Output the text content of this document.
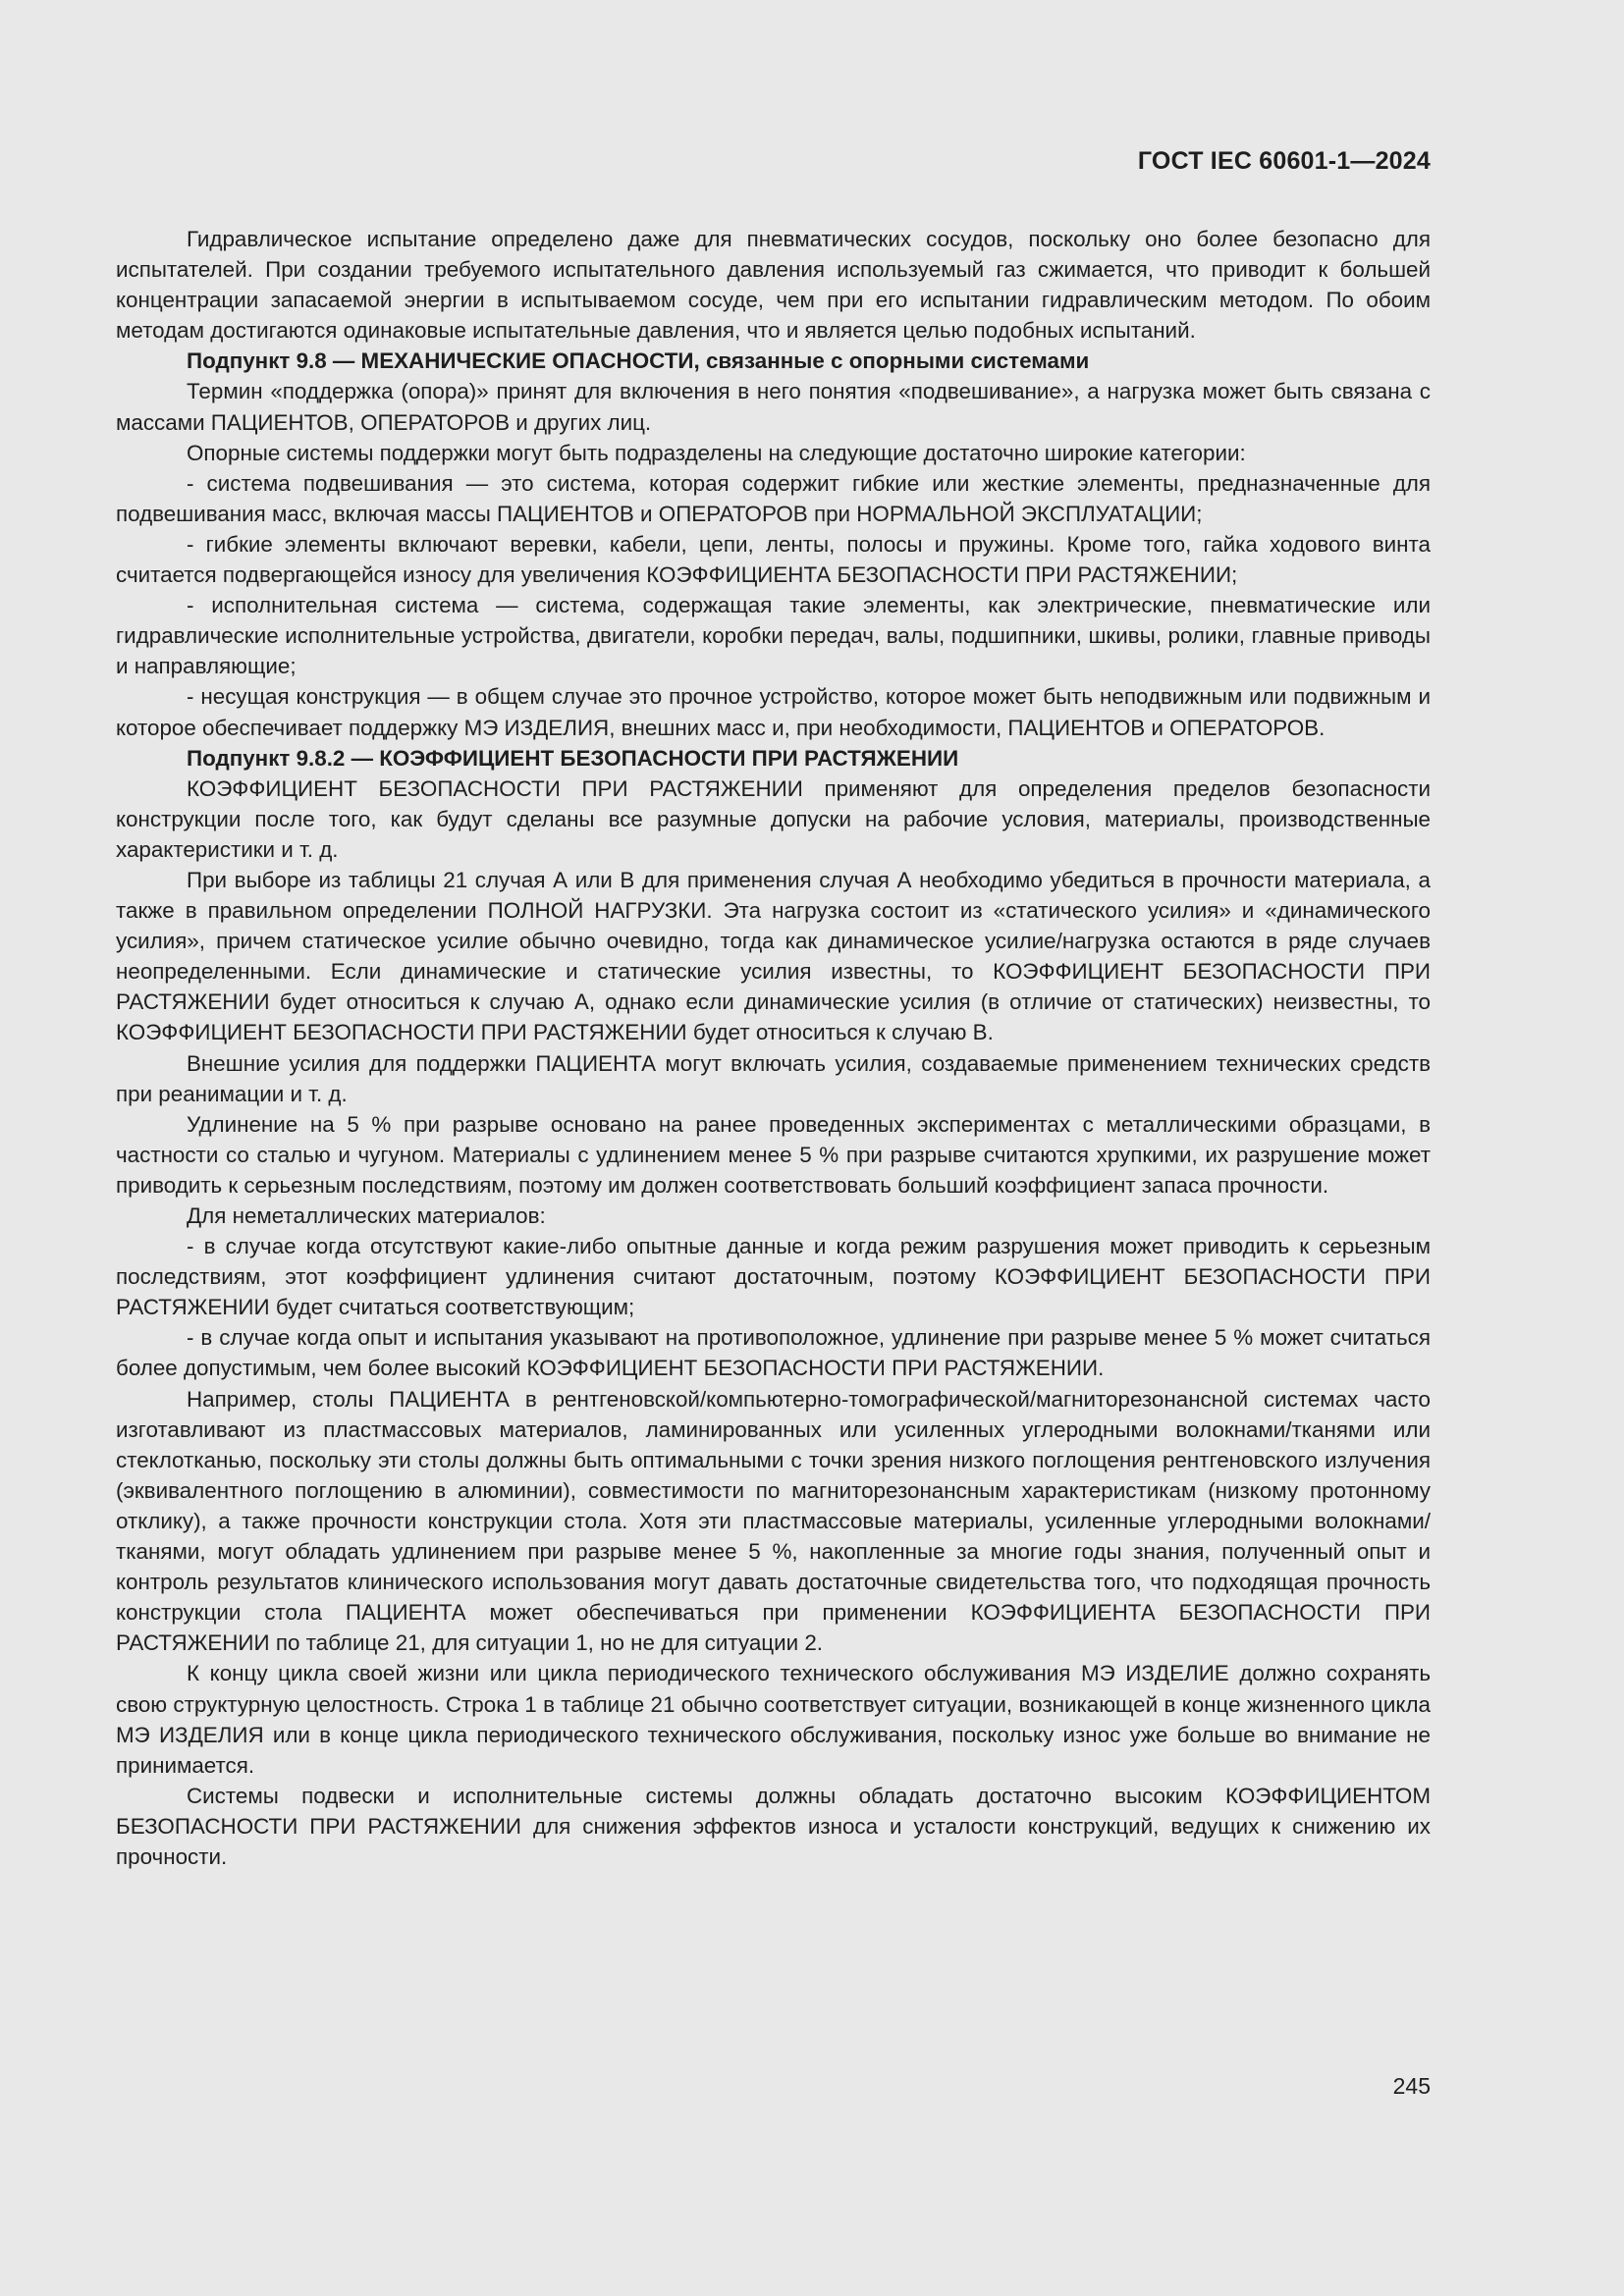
ГОСТ IEC 60601-1—2024

Гидравлическое испытание определено даже для пневматических сосудов, поскольку оно более безопасно для испытателей. При создании требуемого испытательного давления используемый газ сжимается, что приводит к большей концентрации запасаемой энергии в испытываемом сосуде, чем при его испытании гидравлическим методом. По обоим методам достигаются одинаковые испытательные давления, что и является целью подобных испытаний.

Подпункт 9.8 — МЕХАНИЧЕСКИЕ ОПАСНОСТИ, связанные с опорными системами

Термин «поддержка (опора)» принят для включения в него понятия «подвешивание», а нагрузка может быть связана с массами ПАЦИЕНТОВ, ОПЕРАТОРОВ и других лиц.

Опорные системы поддержки могут быть подразделены на следующие достаточно широкие категории:

- система подвешивания — это система, которая содержит гибкие или жесткие элементы, предназначенные для подвешивания масс, включая массы ПАЦИЕНТОВ и ОПЕРАТОРОВ при НОРМАЛЬНОЙ ЭКСПЛУАТАЦИИ;

- гибкие элементы включают веревки, кабели, цепи, ленты, полосы и пружины. Кроме того, гайка ходового винта считается подвергающейся износу для увеличения КОЭФФИЦИЕНТА БЕЗОПАСНОСТИ ПРИ РАСТЯЖЕНИИ;

- исполнительная система — система, содержащая такие элементы, как электрические, пневматические или гидравлические исполнительные устройства, двигатели, коробки передач, валы, подшипники, шкивы, ролики, главные приводы и направляющие;

- несущая конструкция — в общем случае это прочное устройство, которое может быть неподвижным или подвижным и которое обеспечивает поддержку МЭ ИЗДЕЛИЯ, внешних масс и, при необходимости, ПАЦИЕНТОВ и ОПЕРАТОРОВ.

Подпункт 9.8.2 — КОЭФФИЦИЕНТ БЕЗОПАСНОСТИ ПРИ РАСТЯЖЕНИИ

КОЭФФИЦИЕНТ БЕЗОПАСНОСТИ ПРИ РАСТЯЖЕНИИ применяют для определения пределов безопасности конструкции после того, как будут сделаны все разумные допуски на рабочие условия, материалы, производственные характеристики и т. д.

При выборе из таблицы 21 случая А или В для применения случая А необходимо убедиться в прочности материала, а также в правильном определении ПОЛНОЙ НАГРУЗКИ. Эта нагрузка состоит из «статического усилия» и «динамического усилия», причем статическое усилие обычно очевидно, тогда как динамическое усилие/нагрузка остаются в ряде случаев неопределенными. Если динамические и статические усилия известны, то КОЭФФИЦИЕНТ БЕЗОПАСНОСТИ ПРИ РАСТЯЖЕНИИ будет относиться к случаю А, однако если динамические усилия (в отличие от статических) неизвестны, то КОЭФФИЦИЕНТ БЕЗОПАСНОСТИ ПРИ РАСТЯЖЕНИИ будет относиться к случаю В.

Внешние усилия для поддержки ПАЦИЕНТА могут включать усилия, создаваемые применением технических средств при реанимации и т. д.

Удлинение на 5 % при разрыве основано на ранее проведенных экспериментах с металлическими образцами, в частности со сталью и чугуном. Материалы с удлинением менее 5 % при разрыве считаются хрупкими, их разрушение может приводить к серьезным последствиям, поэтому им должен соответствовать больший коэффициент запаса прочности.

Для неметаллических материалов:

- в случае когда отсутствуют какие-либо опытные данные и когда режим разрушения может приводить к серьезным последствиям, этот коэффициент удлинения считают достаточным, поэтому КОЭФФИЦИЕНТ БЕЗОПАСНОСТИ ПРИ РАСТЯЖЕНИИ будет считаться соответствующим;

- в случае когда опыт и испытания указывают на противоположное, удлинение при разрыве менее 5 % может считаться более допустимым, чем более высокий КОЭФФИЦИЕНТ БЕЗОПАСНОСТИ ПРИ РАСТЯЖЕНИИ.

Например, столы ПАЦИЕНТА в рентгеновской/компьютерно-томографической/магниторезонансной системах часто изготавливают из пластмассовых материалов, ламинированных или усиленных углеродными волокнами/тканями или стеклотканью, поскольку эти столы должны быть оптимальными с точки зрения низкого поглощения рентгеновского излучения (эквивалентного поглощению в алюминии), совместимости по магниторезонансным характеристикам (низкому протонному отклику), а также прочности конструкции стола. Хотя эти пластмассовые материалы, усиленные углеродными волокнами/тканями, могут обладать удлинением при разрыве менее 5 %, накопленные за многие годы знания, полученный опыт и контроль результатов клинического использования могут давать достаточные свидетельства того, что подходящая прочность конструкции стола ПАЦИЕНТА может обеспечиваться при применении КОЭФФИЦИЕНТА БЕЗОПАСНОСТИ ПРИ РАСТЯЖЕНИИ по таблице 21, для ситуации 1, но не для ситуации 2.

К концу цикла своей жизни или цикла периодического технического обслуживания МЭ ИЗДЕЛИЕ должно сохранять свою структурную целостность. Строка 1 в таблице 21 обычно соответствует ситуации, возникающей в конце жизненного цикла МЭ ИЗДЕЛИЯ или в конце цикла периодического технического обслуживания, поскольку износ уже больше во внимание не принимается.

Системы подвески и исполнительные системы должны обладать достаточно высоким КОЭФФИЦИЕНТОМ БЕЗОПАСНОСТИ ПРИ РАСТЯЖЕНИИ для снижения эффектов износа и усталости конструкций, ведущих к снижению их прочности.

245
